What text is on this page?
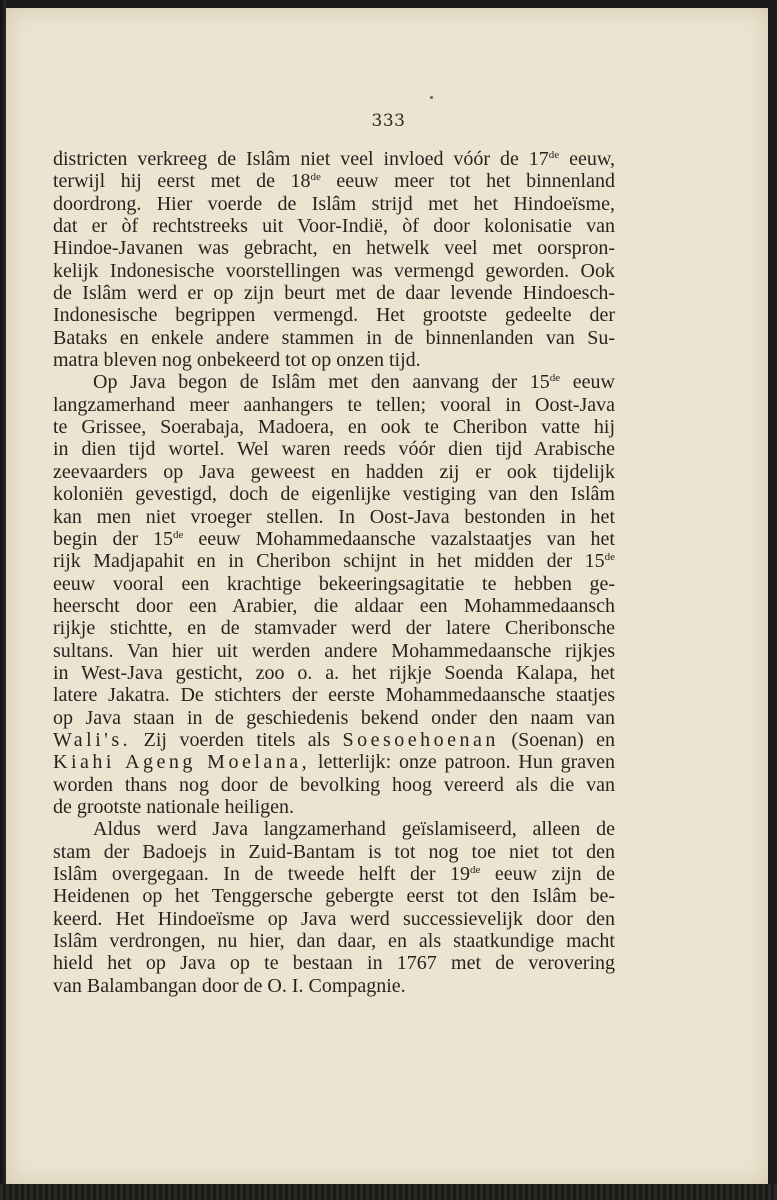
333
districten verkreeg de Islâm niet veel invloed vóór de 17de eeuw,
terwijl hij eerst met de 18de eeuw meer tot het binnenland
doordrong. Hier voerde de Islâm strijd met het Hindoeïsme,
dat er òf rechtstreeks uit Voor-Indië, òf door kolonisatie van
Hindoe-Javanen was gebracht, en hetwelk veel met oorspron-
kelijk Indonesische voorstellingen was vermengd geworden. Ook
de Islâm werd er op zijn beurt met de daar levende Hindoesch-
Indonesische begrippen vermengd. Het grootste gedeelte der
Bataks en enkele andere stammen in de binnenlanden van Su-
matra bleven nog onbekeerd tot op onzen tijd.
Op Java begon de Islâm met den aanvang der 15de eeuw
langzamerhand meer aanhangers te tellen; vooral in Oost-Java
te Grissee, Soerabaja, Madoera, en ook te Cheribon vatte hij
in dien tijd wortel. Wel waren reeds vóór dien tijd Arabische
zeevaarders op Java geweest en hadden zij er ook tijdelijk
koloniën gevestigd, doch de eigenlijke vestiging van den Islâm
kan men niet vroeger stellen. In Oost-Java bestonden in het
begin der 15de eeuw Mohammedaansche vazalstaatjes van het
rijk Madjapahit en in Cheribon schijnt in het midden der 15de
eeuw vooral een krachtige bekeeringsagitatie te hebben ge-
heerscht door een Arabier, die aldaar een Mohammedaansch
rijkje stichtte, en de stamvader werd der latere Cheribonsche
sultans. Van hier uit werden andere Mohammedaansche rijkjes
in West-Java gesticht, zoo o. a. het rijkje Soenda Kalapa, het
latere Jakatra. De stichters der eerste Mohammedaansche staatjes
op Java staan in de geschiedenis bekend onder den naam van
Wali's. Zij voerden titels als Soesoehoenan (Soenan) en
Kiahi Ageng Moelana, letterlijk: onze patroon. Hun graven
worden thans nog door de bevolking hoog vereerd als die van
de grootste nationale heiligen.
Aldus werd Java langzamerhand geïslamiseerd, alleen de
stam der Badoejs in Zuid-Bantam is tot nog toe niet tot den
Islâm overgegaan. In de tweede helft der 19de eeuw zijn de
Heidenen op het Tenggersche gebergte eerst tot den Islâm be-
keerd. Het Hindoeïsme op Java werd successievelijk door den
Islâm verdrongen, nu hier, dan daar, en als staatkundige macht
hield het op Java op te bestaan in 1767 met de verovering
van Balambangan door de O. I. Compagnie.
